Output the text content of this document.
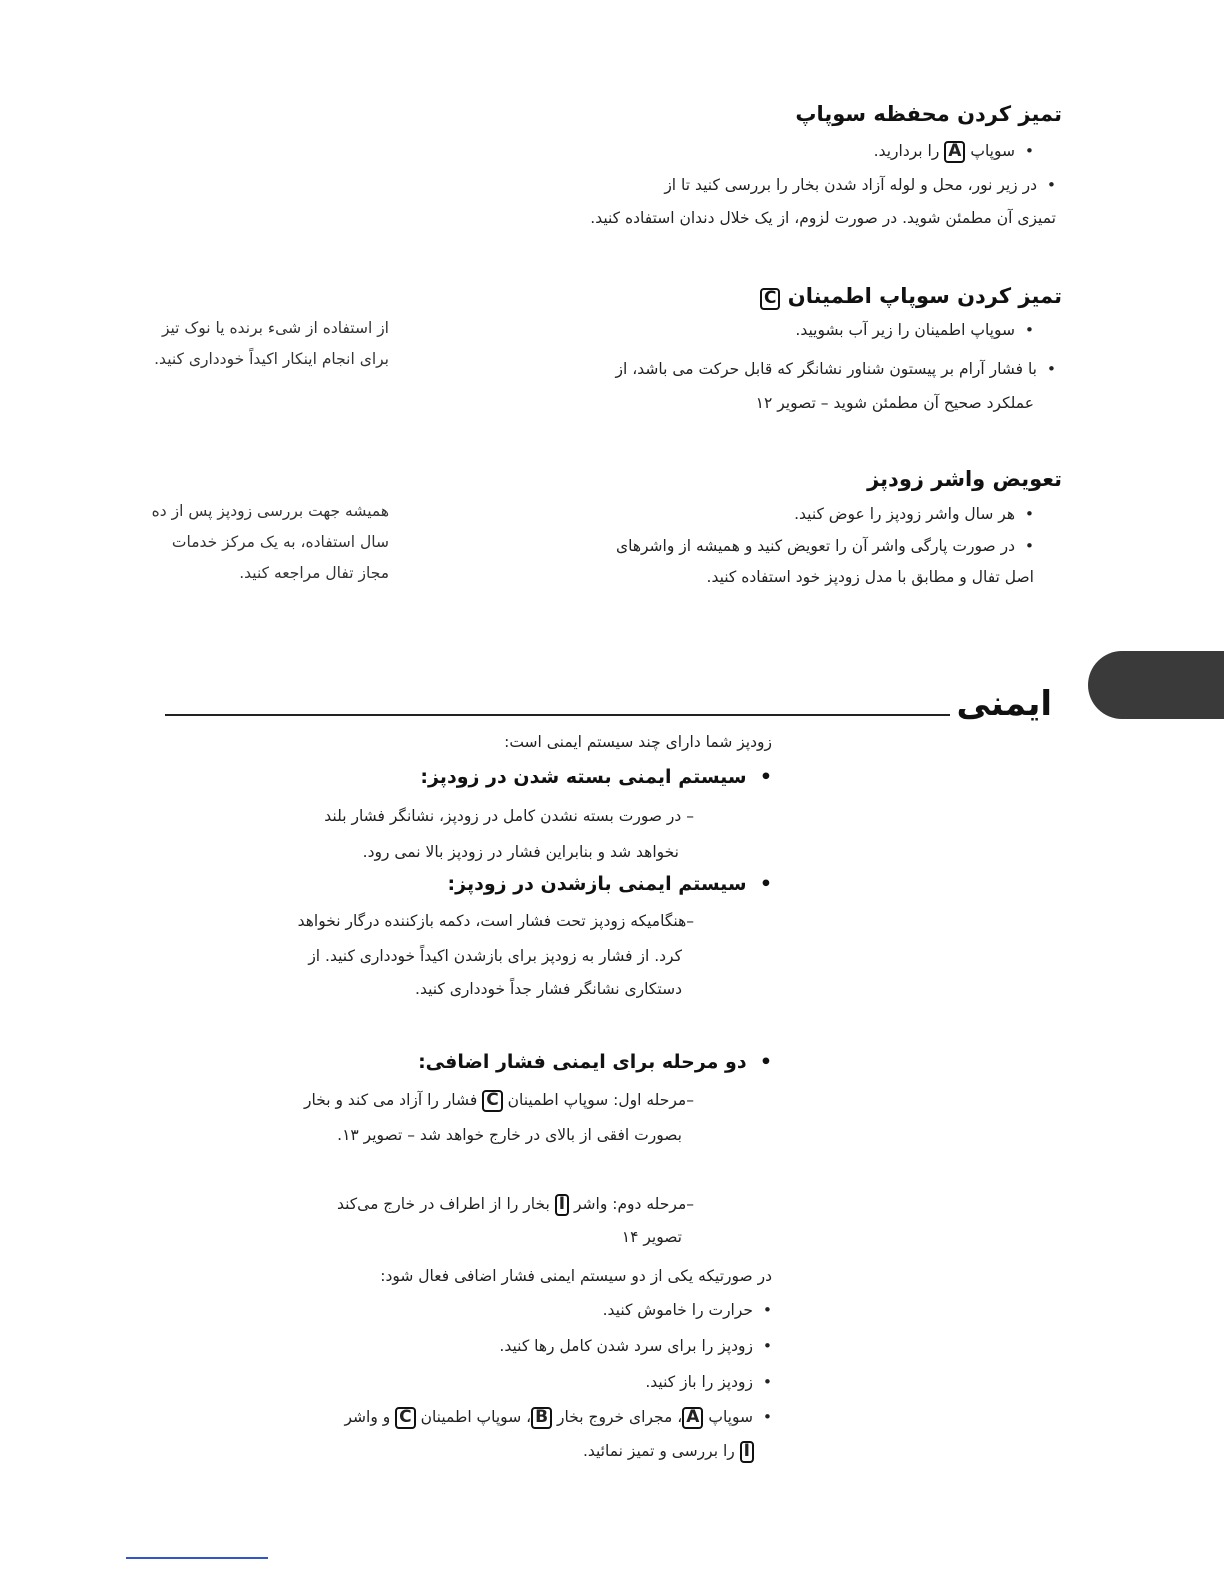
تمیز کردن محفظه سوپاپ
•  سوپاپ A را بردارید.
•  در زیر نور، محل و لوله آزاد شدن بخار را بررسی کنید تا از
تمیزی آن مطمئن شوید. در صورت لزوم، از یک خلال دندان استفاده کنید.
تمیز کردن سوپاپ اطمینان C
•  سوپاپ اطمینان را زیر آب بشویید.
•  با فشار آرام بر پیستون شناور نشانگر که قابل حرکت می باشد، از
عملکرد صحیح آن مطمئن شوید – تصویر ۱۲
از استفاده از شیء برنده یا نوک تیز برای انجام اینکار اکیداً خودداری کنید.
تعویض واشر زودپز
•  هر سال واشر زودپز را عوض کنید.
•  در صورت پارگی واشر آن را تعویض کنید و همیشه از واشرهای
اصل تفال و مطابق با مدل زودپز خود استفاده کنید.
همیشه جهت بررسی زودپز پس از ده سال استفاده، به یک مرکز خدمات مجاز تفال مراجعه کنید.
ایمنی
زودپز شما دارای چند سیستم ایمنی است:
•  سیستم ایمنی بسته شدن در زودپز:
– در صورت بسته نشدن کامل در زودپز، نشانگر فشار بلند
نخواهد شد و بنابراین فشار در زودپز بالا نمی رود.
•  سیستم ایمنی بازشدن در زودپز:
–هنگامیکه زودپز تحت فشار است، دکمه بازکننده درگار نخواهد
کرد. از فشار به زودپز برای بازشدن اکیداً خودداری کنید. از
دستکاری نشانگر فشار جداً خودداری کنید.
•  دو مرحله برای ایمنی فشار اضافی:
–مرحله اول: سوپاپ اطمینان C فشار را آزاد می کند و بخار
بصورت افقی از بالای در خارج خواهد شد – تصویر ۱۳.
–مرحله دوم: واشر I بخار را از اطراف در خارج می‌کند
تصویر ۱۴
در صورتیکه یکی از دو سیستم ایمنی فشار اضافی فعال شود:
•  حرارت را خاموش کنید.
•  زودپز را برای سرد شدن کامل رها کنید.
•  زودپز را باز کنید.
•  سوپاپ A، مجرای خروج بخار B، سوپاپ اطمینان C و واشر
I را بررسی و تمیز نمائید.
